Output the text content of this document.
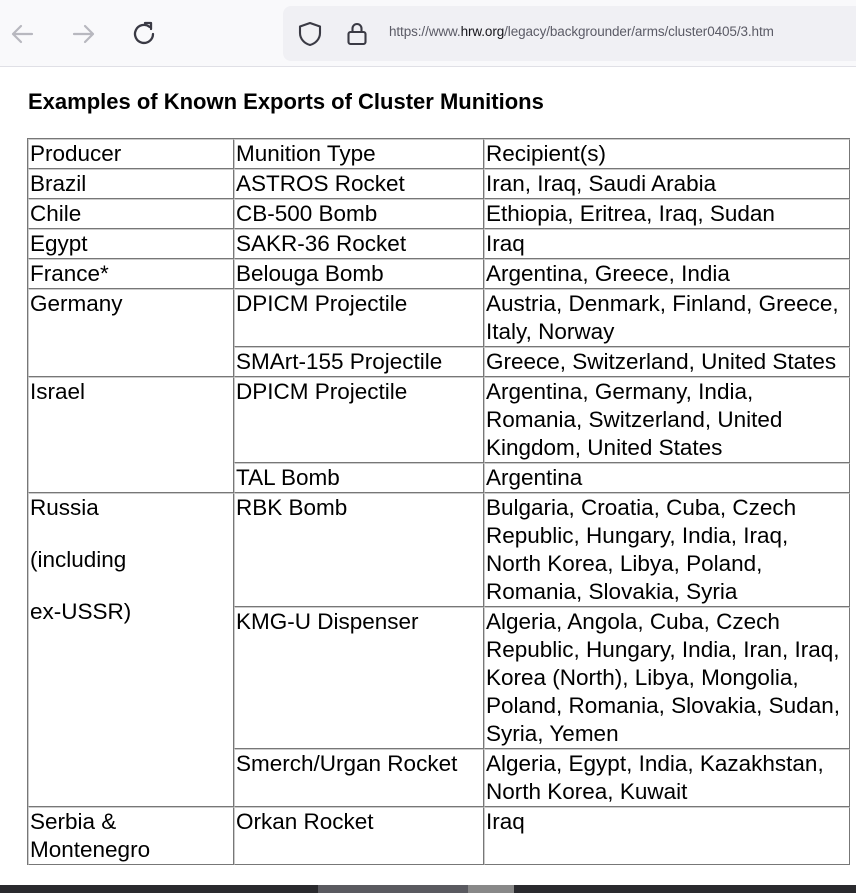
https://www.hrw.org/legacy/backgrounder/arms/cluster0405/3.htm
Examples of Known Exports of Cluster Munitions
Producer	Munition Type	Recipient(s)
Brazil	ASTROS Rocket	Iran, Iraq, Saudi Arabia
Chile	CB-500 Bomb	Ethiopia, Eritrea, Iraq, Sudan
Egypt	SAKR-36 Rocket	Iraq
France*	Belouga Bomb	Argentina, Greece, India
Germany	DPICM Projectile	Austria, Denmark, Finland, Greece, Italy, Norway
	SMArt-155 Projectile	Greece, Switzerland, United States
Israel	DPICM Projectile	Argentina, Germany, India, Romania, Switzerland, United Kingdom, United States
	TAL Bomb	Argentina

Russia
(including
ex-USSR)	RBK Bomb	Bulgaria, Croatia, Cuba, Czech Republic, Hungary, India, Iraq, North Korea, Libya, Poland, Romania, Slovakia, Syria
	KMG-U Dispenser	Algeria, Angola, Cuba, Czech Republic, Hungary, India, Iran, Iraq, Korea (North), Libya, Mongolia, Poland, Romania, Slovakia, Sudan, Syria, Yemen
	Smerch/Urgan Rocket	Algeria, Egypt, India, Kazakhstan, North Korea, Kuwait
Serbia & Montenegro	Orkan Rocket	Iraq
